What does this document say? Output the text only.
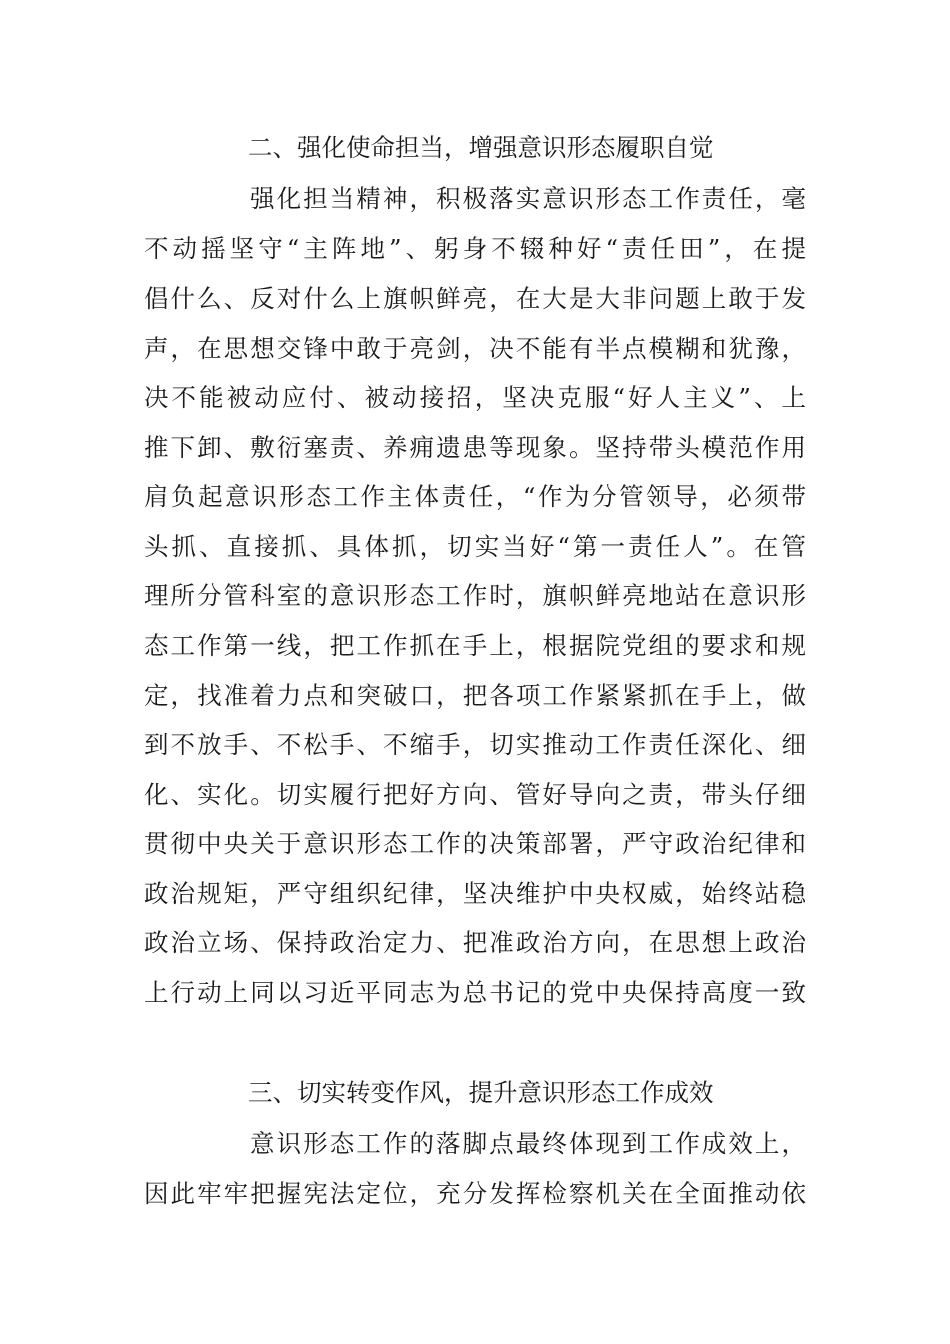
二、强化使命担当，增强意识形态履职自觉
强化担当精神，积极落实意识形态工作责任，毫
不动摇坚守“主阵地”、躬身不辍种好“责任田”，在提
倡什么、反对什么上旗帜鲜亮，在大是大非问题上敢于发
声，在思想交锋中敢于亮剑，决不能有半点模糊和犹豫，
决不能被动应付、被动接招，坚决克服“好人主义”、上
推下卸、敷衍塞责、养痈遗患等现象。坚持带头模范作用
肩负起意识形态工作主体责任，“作为分管领导，必须带
头抓、直接抓、具体抓，切实当好“第一责任人”。在管
理所分管科室的意识形态工作时，旗帜鲜亮地站在意识形
态工作第一线，把工作抓在手上，根据院党组的要求和规
定，找准着力点和突破口，把各项工作紧紧抓在手上，做
到不放手、不松手、不缩手，切实推动工作责任深化、细
化、实化。切实履行把好方向、管好导向之责，带头仔细
贯彻中央关于意识形态工作的决策部署，严守政治纪律和
政治规矩，严守组织纪律，坚决维护中央权威，始终站稳
政治立场、保持政治定力、把准政治方向，在思想上政治
上行动上同以习近平同志为总书记的党中央保持高度一致
三、切实转变作风，提升意识形态工作成效
意识形态工作的落脚点最终体现到工作成效上，
因此牢牢把握宪法定位，充分发挥检察机关在全面推动依
